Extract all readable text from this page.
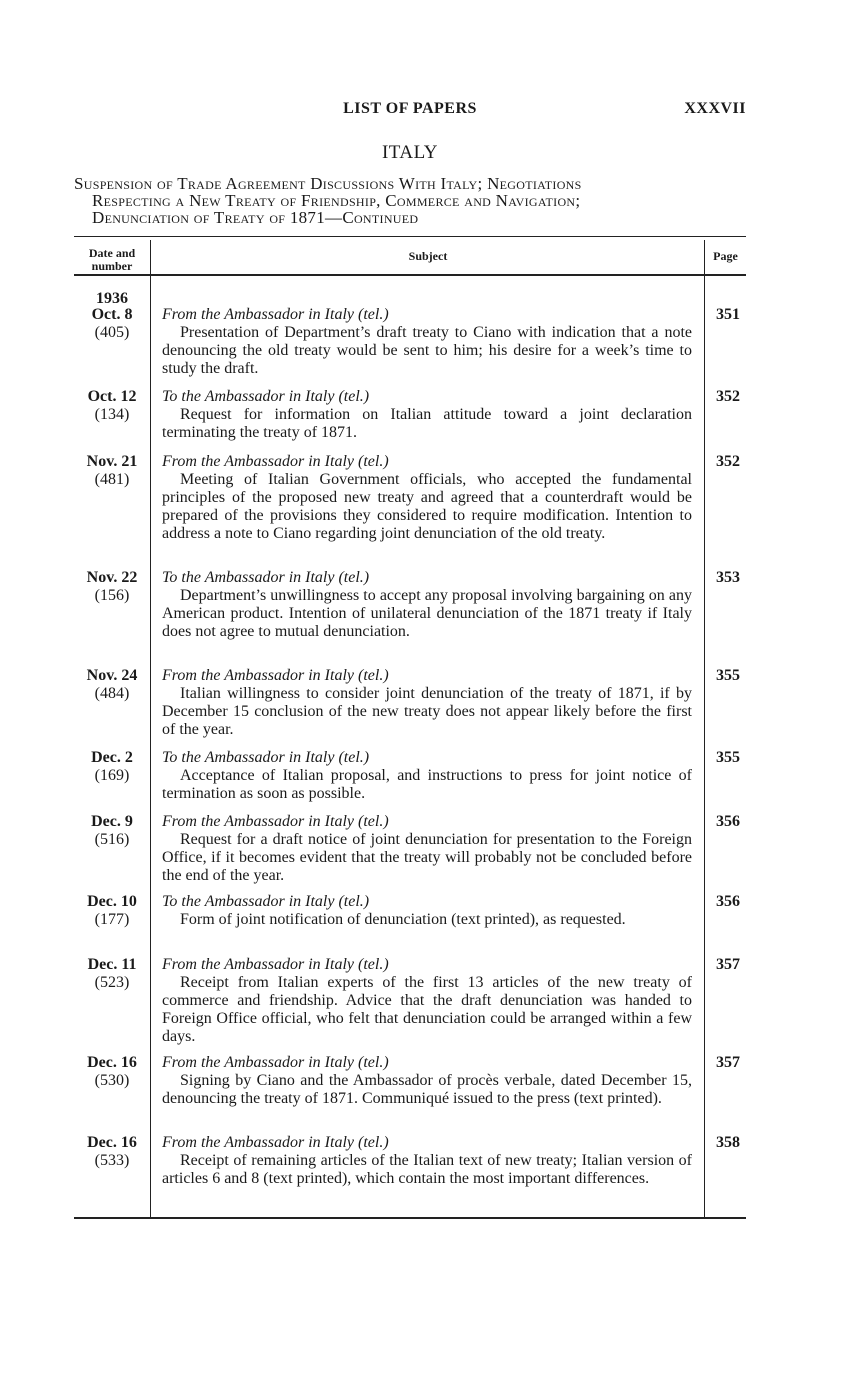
LIST OF PAPERS	XXXVII
ITALY
Suspension of Trade Agreement Discussions With Italy; Negotiations
Respecting a New Treaty of Friendship, Commerce and Navigation;
Denunciation of Treaty of 1871—Continued
Date and
number
Subject	Page
1936
Oct. 8
(405)
From the Ambassador in Italy (tel.)
Presentation of Department’s draft treaty to Ciano with indication that a note denouncing the old treaty would be sent to him; his desire for a week’s time to study the draft.
351
Oct. 12
(134)
To the Ambassador in Italy (tel.)
Request for information on Italian attitude toward a joint declaration terminating the treaty of 1871.
352
Nov. 21
(481)
From the Ambassador in Italy (tel.)
Meeting of Italian Government officials, who accepted the fundamental principles of the proposed new treaty and agreed that a counterdraft would be prepared of the provisions they considered to require modification. Intention to address a note to Ciano regarding joint denunciation of the old treaty.
352
Nov. 22
(156)
To the Ambassador in Italy (tel.)
Department’s unwillingness to accept any proposal involving bargaining on any American product. Intention of unilateral denunciation of the 1871 treaty if Italy does not agree to mutual denunciation.
353
Nov. 24
(484)
From the Ambassador in Italy (tel.)
Italian willingness to consider joint denunciation of the treaty of 1871, if by December 15 conclusion of the new treaty does not appear likely before the first of the year.
355
Dec. 2
(169)
To the Ambassador in Italy (tel.)
Acceptance of Italian proposal, and instructions to press for joint notice of termination as soon as possible.
355
Dec. 9
(516)
From the Ambassador in Italy (tel.)
Request for a draft notice of joint denunciation for presentation to the Foreign Office, if it becomes evident that the treaty will probably not be concluded before the end of the year.
356
Dec. 10
(177)
To the Ambassador in Italy (tel.)
Form of joint notification of denunciation (text printed), as requested.
356
Dec. 11
(523)
From the Ambassador in Italy (tel.)
Receipt from Italian experts of the first 13 articles of the new treaty of commerce and friendship. Advice that the draft denunciation was handed to Foreign Office official, who felt that denunciation could be arranged within a few days.
357
Dec. 16
(530)
From the Ambassador in Italy (tel.)
Signing by Ciano and the Ambassador of procès verbale, dated December 15, denouncing the treaty of 1871. Communiqué issued to the press (text printed).
357
Dec. 16
(533)
From the Ambassador in Italy (tel.)
Receipt of remaining articles of the Italian text of new treaty; Italian version of articles 6 and 8 (text printed), which contain the most important differences.
358
